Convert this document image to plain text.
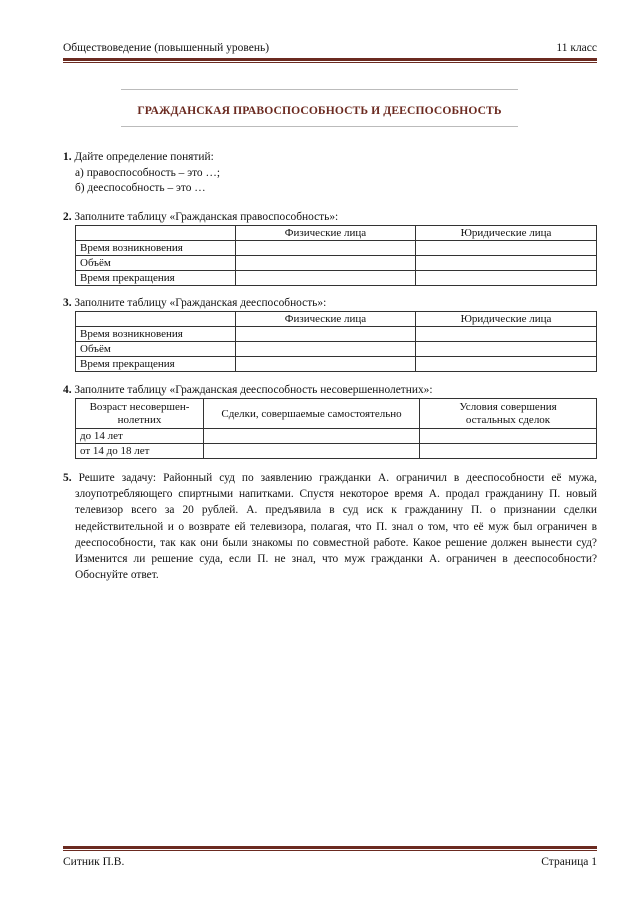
Обществоведение (повышенный уровень)	11 класс
ГРАЖДАНСКАЯ ПРАВОСПОСОБНОСТЬ И ДЕЕСПОСОБНОСТЬ
1. Дайте определение понятий:
а) правоспособность – это …;
б) дееспособность – это …
2. Заполните таблицу «Гражданская правоспособность»:
	Физические лица	Юридические лица
Время возникновения		
Объём		
Время прекращения		
3. Заполните таблицу «Гражданская дееспособность»:
	Физические лица	Юридические лица
Время возникновения		
Объём		
Время прекращения		
4. Заполните таблицу «Гражданская дееспособность несовершеннолетних»:
Возраст несовершен-нолетних	Сделки, совершаемые самостоятельно	Условия совершения остальных сделок
до 14 лет		
от 14 до 18 лет		
5. Решите задачу: Районный суд по заявлению гражданки А. ограничил в дееспособности её мужа, злоупотребляющего спиртными напитками. Спустя некоторое время А. продал гражданину П. новый телевизор всего за 20 рублей. А. предъявила в суд иск к гражданину П. о признании сделки недействительной и о возврате ей телевизора, полагая, что П. знал о том, что её муж был ограничен в дееспособности, так как они были знакомы по совместной работе. Какое решение должен вынести суд? Изменится ли решение суда, если П. не знал, что муж гражданки А. ограничен в дееспособности? Обоснуйте ответ.
Ситник П.В.	Страница 1
